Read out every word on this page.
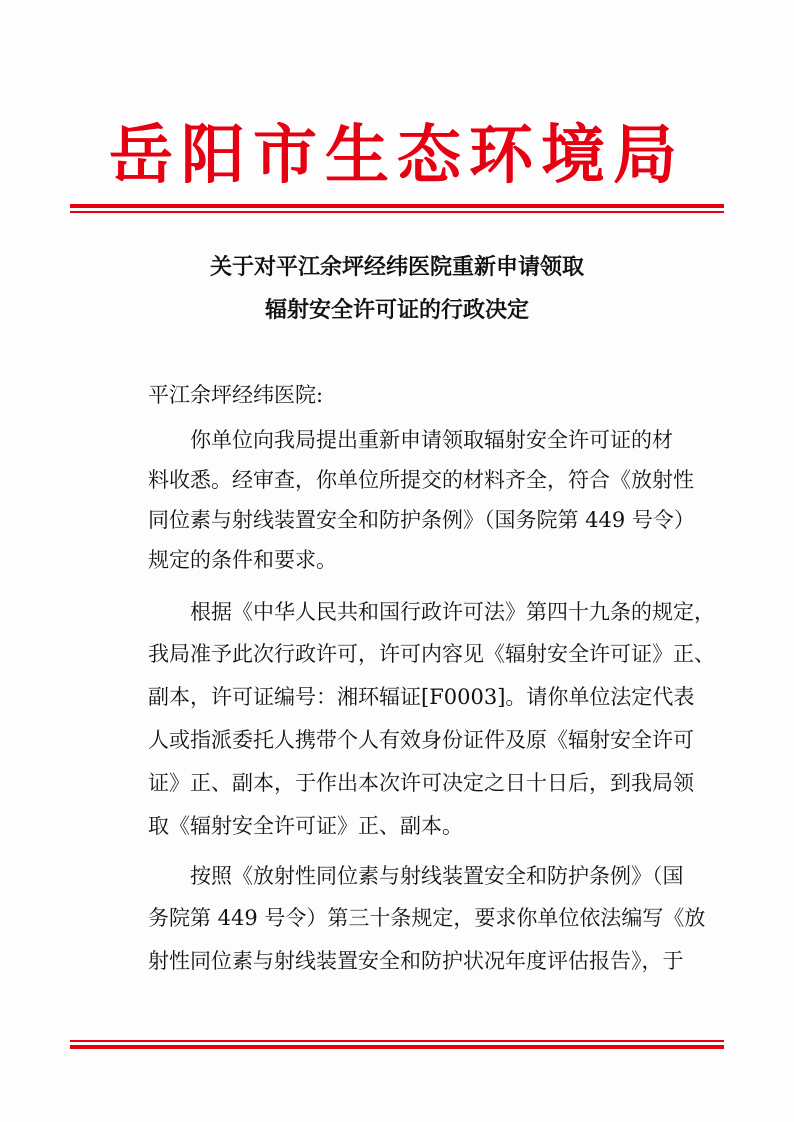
岳阳市生态环境局
关于对平江余坪经纬医院重新申请领取
辐射安全许可证的行政决定
平江余坪经纬医院:
你单位向我局提出重新申请领取辐射安全许可证的材
料收悉。经审查，你单位所提交的材料齐全，符合《放射性
同位素与射线装置安全和防护条例》（国务院第 449 号令）
规定的条件和要求。
根据《中华人民共和国行政许可法》第四十九条的规定，
我局准予此次行政许可，许可内容见《辐射安全许可证》正、
副本，许可证编号：湘环辐证[F0003]。请你单位法定代表
人或指派委托人携带个人有效身份证件及原《辐射安全许可
证》正、副本，于作出本次许可决定之日十日后，到我局领
取《辐射安全许可证》正、副本。
按照《放射性同位素与射线装置安全和防护条例》（国
务院第 449 号令）第三十条规定，要求你单位依法编写《放
射性同位素与射线装置安全和防护状况年度评估报告》，于
